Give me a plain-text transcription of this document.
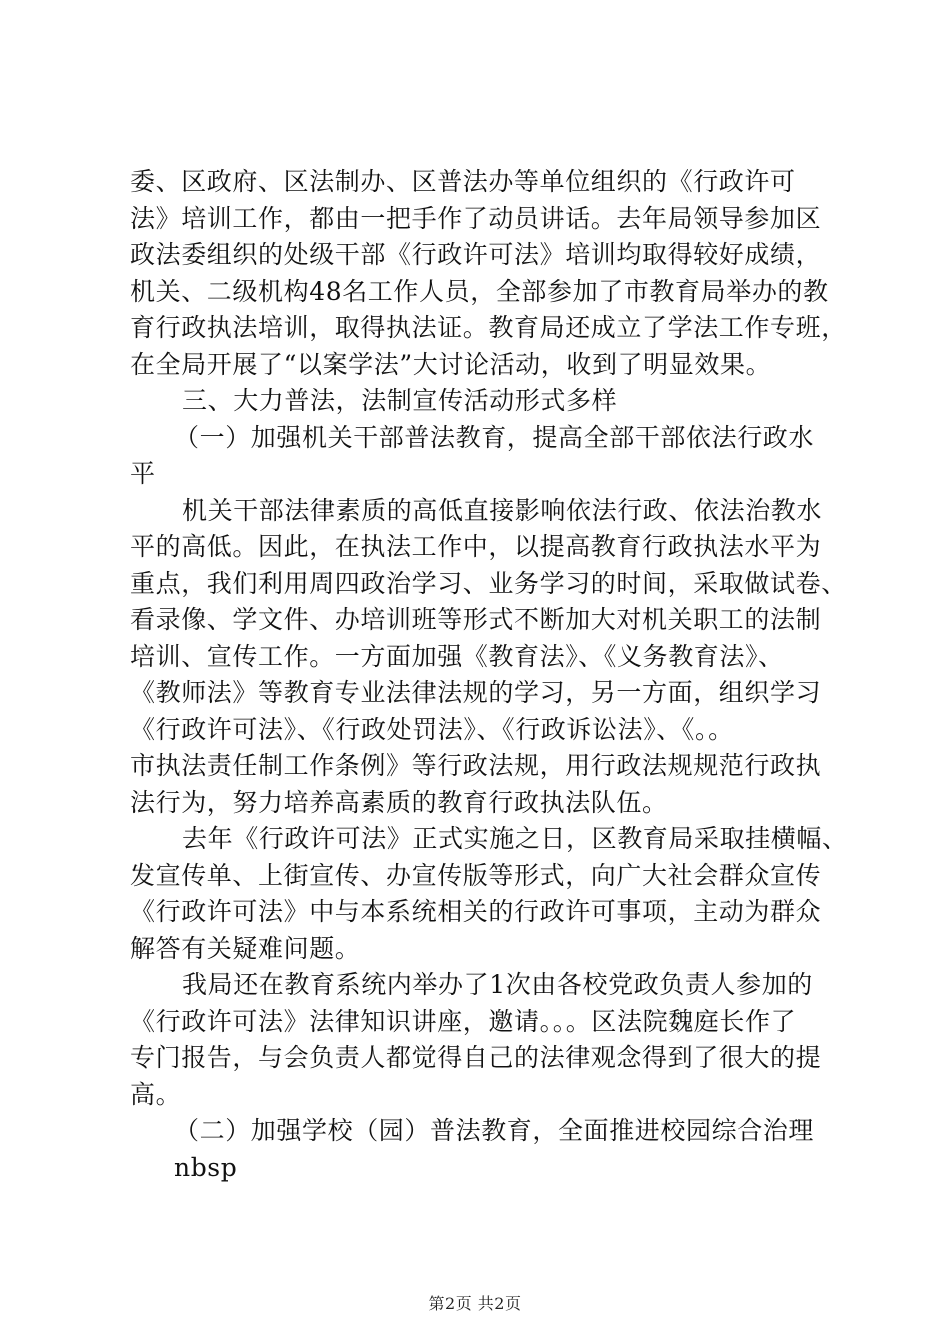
委、区政府、区法制办、区普法办等单位组织的《行政许可
法》培训工作，都由一把手作了动员讲话。去年局领导参加区
政法委组织的处级干部《行政许可法》培训均取得较好成绩，
机关、二级机构48名工作人员，全部参加了市教育局举办的教
育行政执法培训，取得执法证。教育局还成立了学法工作专班，
在全局开展了“以案学法”大讨论活动，收到了明显效果。
三、大力普法，法制宣传活动形式多样
（一）加强机关干部普法教育，提高全部干部依法行政水
平
机关干部法律素质的高低直接影响依法行政、依法治教水
平的高低。因此，在执法工作中，以提高教育行政执法水平为
重点，我们利用周四政治学习、业务学习的时间，采取做试卷、
看录像、学文件、办培训班等形式不断加大对机关职工的法制
培训、宣传工作。一方面加强《教育法》、《义务教育法》、
《教师法》等教育专业法律法规的学习，另一方面，组织学习
《行政许可法》、《行政处罚法》、《行政诉讼法》、《。。
市执法责任制工作条例》等行政法规，用行政法规规范行政执
法行为，努力培养高素质的教育行政执法队伍。
去年《行政许可法》正式实施之日，区教育局采取挂横幅、
发宣传单、上街宣传、办宣传版等形式，向广大社会群众宣传
《行政许可法》中与本系统相关的行政许可事项，主动为群众
解答有关疑难问题。
我局还在教育系统内举办了1次由各校党政负责人参加的
《行政许可法》法律知识讲座，邀请。。。区法院魏庭长作了
专门报告，与会负责人都觉得自己的法律观念得到了很大的提
高。
（二）加强学校（园）普法教育，全面推进校园综合治理
nbsp
第2页 共2页
